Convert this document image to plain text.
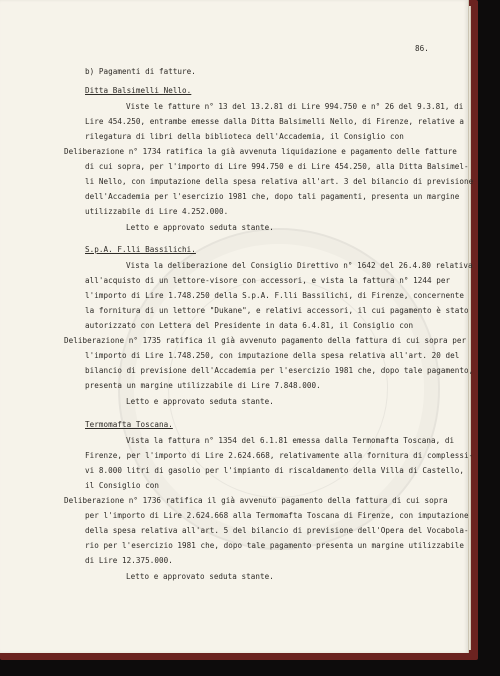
86.
b) Pagamenti di fatture.
Ditta Balsimelli Nello.
Viste le fatture n° 13 del 13.2.81 di Lire 994.750 e n° 26 del 9.3.81, di
Lire 454.250, entrambe emesse dalla Ditta Balsimelli Nello, di Firenze, relative a
rilegatura di libri della biblioteca dell'Accademia, il Consiglio con
Deliberazione n° 1734 ratifica la già avvenuta liquidazione e pagamento delle fatture
di cui sopra, per l'importo di Lire 994.750 e di Lire 454.250, alla Ditta Balsimel-
li Nello, con imputazione della spesa relativa all'art. 3 del bilancio di previsione
dell'Accademia per l'esercizio 1981 che, dopo tali pagamenti, presenta un margine
utilizzabile di Lire 4.252.000.
Letto e approvato seduta stante.
S.p.A. F.lli Bassilichi.
Vista la deliberazione del Consiglio Direttivo n° 1642 del 26.4.80 relativa
all'acquisto di un lettore-visore con accessori, e vista la fattura n° 1244 per
l'importo di Lire 1.748.250 della S.p.A. F.lli Bassilichi, di Firenze, concernente
la fornitura di un lettore "Dukane", e relativi accessori, il cui pagamento è stato
autorizzato con Lettera del Presidente in data 6.4.81, il Consiglio con
Deliberazione n° 1735 ratifica il già avvenuto pagamento della fattura di cui sopra per
l'importo di Lire 1.748.250, con imputazione della spesa relativa all'art. 20 del
bilancio di previsione dell'Accademia per l'esercizio 1981 che, dopo tale pagamento,
presenta un margine utilizzabile di Lire 7.848.000.
Letto e approvato seduta stante.
Termomafta Toscana.
Vista la fattura n° 1354 del 6.1.81 emessa dalla Termomafta Toscana, di
Firenze, per l'importo di Lire 2.624.668, relativamente alla fornitura di complessi-
vi 8.000 litri di gasolio per l'impianto di riscaldamento della Villa di Castello,
il Consiglio con
Deliberazione n° 1736 ratifica il già avvenuto pagamento della fattura di cui sopra
per l'importo di Lire 2.624.668 alla Termomafta Toscana di Firenze, con imputazione
della spesa relativa all'art. 5 del bilancio di previsione dell'Opera del Vocabola-
rio per l'esercizio 1981 che, dopo tale pagamento presenta un margine utilizzabile
di Lire 12.375.000.
Letto e approvato seduta stante.
